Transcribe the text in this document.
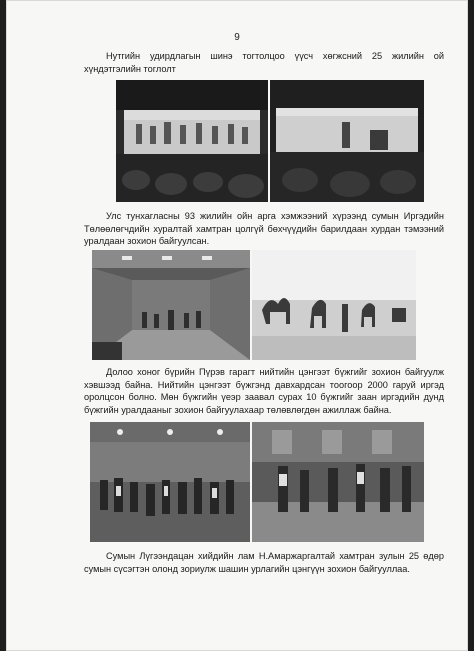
9
Нутгийн удирдлагын шинэ тогтолцоо үүсч хөгжсний 25 жилийн ой хүндэтгэлийн тоглолт
Улс тунхагласны 93 жилийн ойн арга хэмжээний хүрээнд сумын Иргэдийн Төлөөлөгчдийн хуралтай хамтран цолгүй бөхчүүдийн барилдаан хурдан тэмээний уралдаан зохион байгуулсан.
Долоо хоног бүрийн Пүрэв гарагт нийтийн цэнгээт бүжгийг зохион байгуулж хэвшээд байна. Нийтийн цэнгээт бүжгэнд давхардсан тоогоор 2000 гаруй иргэд оролцсон болно. Мөн бүжгийн үеэр заавал сурах 10 бүжгийг заан иргэдийн дунд бүжгийн уралдааныг зохион байгуулахаар төлөвлөгдөн ажиллаж байна.
Сумын Лүгээндацан хийдийн лам Н.Амаржаргалтай хамтран зулын 25 өдөр сумын сүсэгтэн олонд зориулж шашин урлагийн цэнгүүн зохион байгууллаа.
